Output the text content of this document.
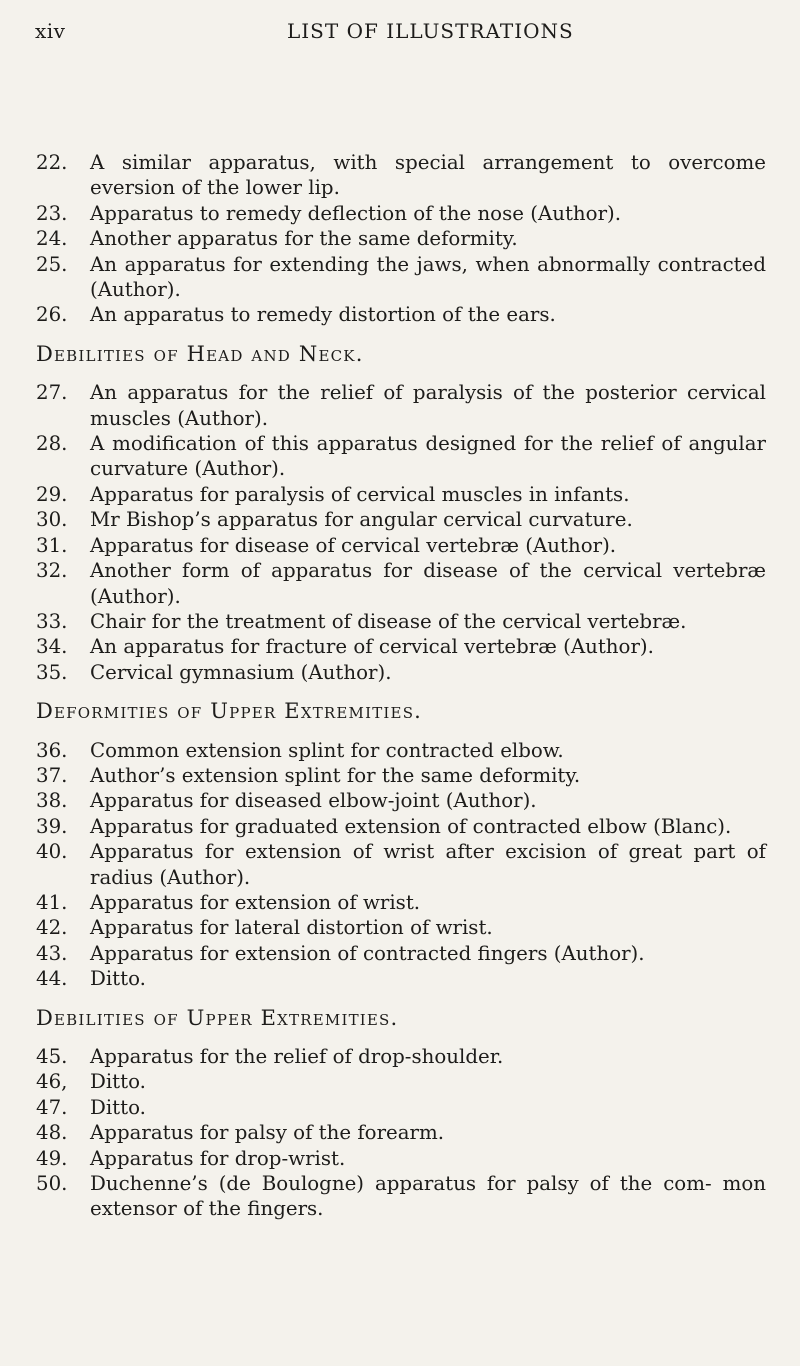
xiv	LIST OF ILLUSTRATIONS
22. A similar apparatus, with special arrangement to overcome eversion of the lower lip.
23. Apparatus to remedy deflection of the nose (Author).
24. Another apparatus for the same deformity.
25. An apparatus for extending the jaws, when abnormally contracted (Author).
26. An apparatus to remedy distortion of the ears.
Debilities of Head and Neck.
27. An apparatus for the relief of paralysis of the posterior cervical muscles (Author).
28. A modification of this apparatus designed for the relief of angular curvature (Author).
29. Apparatus for paralysis of cervical muscles in infants.
30. Mr Bishop’s apparatus for angular cervical curvature.
31. Apparatus for disease of cervical vertebræ (Author).
32. Another form of apparatus for disease of the cervical vertebræ (Author).
33. Chair for the treatment of disease of the cervical vertebræ.
34. An apparatus for fracture of cervical vertebræ (Author).
35. Cervical gymnasium (Author).
Deformities of Upper Extremities.
36. Common extension splint for contracted elbow.
37. Author’s extension splint for the same deformity.
38. Apparatus for diseased elbow-joint (Author).
39. Apparatus for graduated extension of contracted elbow (Blanc).
40. Apparatus for extension of wrist after excision of great part of radius (Author).
41. Apparatus for extension of wrist.
42. Apparatus for lateral distortion of wrist.
43. Apparatus for extension of contracted fingers (Author).
44. Ditto.
Debilities of Upper Extremities.
45. Apparatus for the relief of drop-shoulder.
46, Ditto.
47. Ditto.
48. Apparatus for palsy of the forearm.
49. Apparatus for drop-wrist.
50. Duchenne’s (de Boulogne) apparatus for palsy of the com- mon extensor of the fingers.
